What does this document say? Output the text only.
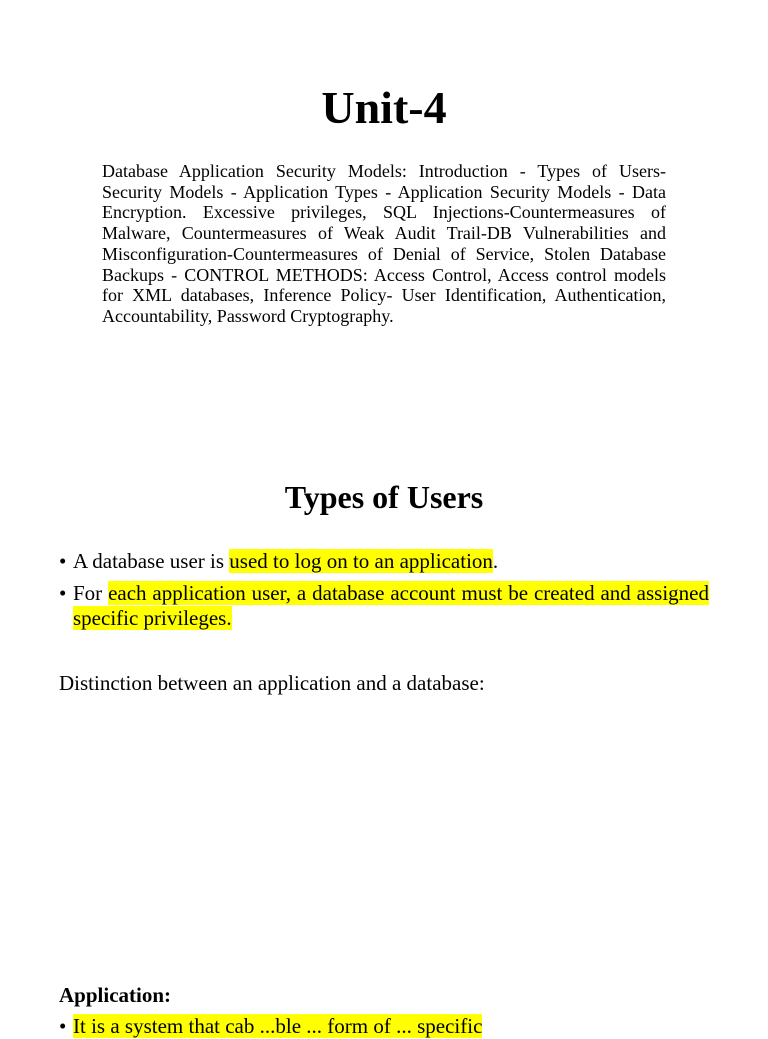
Unit-4

Database Application Security Models: Introduction - Types of Users-Security Models - Application Types - Application Security Models - Data Encryption. Excessive privileges, SQL Injections-Countermeasures of Malware, Countermeasures of Weak Audit Trail-DB Vulnerabilities and Misconfiguration-Countermeasures of Denial of Service, Stolen Database Backups - CONTROL METHODS: Access Control, Access control models for XML databases, Inference Policy- User Identification, Authentication, Accountability, Password Cryptography.

Types of Users
• A database user is used to log on to an application.
• For each application user, a database account must be created and assigned specific privileges.

Distinction between an application and a database:

Application:

• It is a system that cab ...ble ... form of ... specific
